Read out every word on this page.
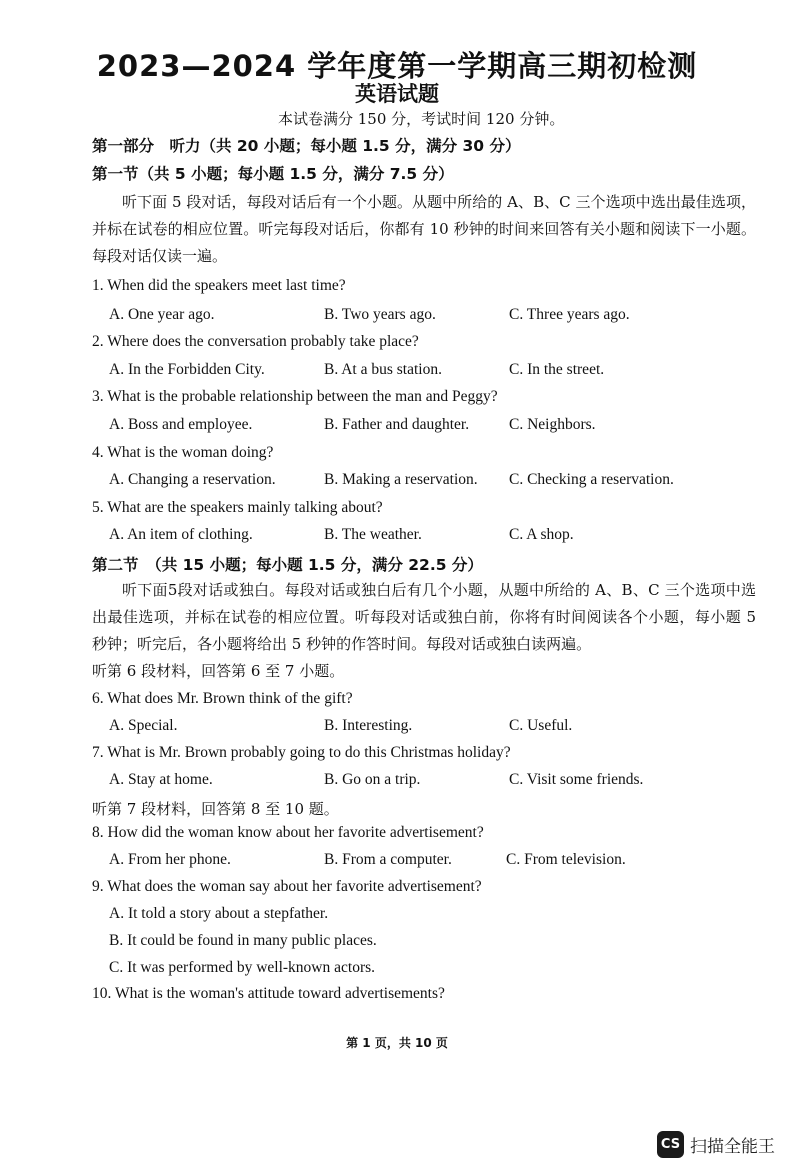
2023—2024 学年度第一学期高三期初检测
英语试题
本试卷满分 150 分，考试时间 120 分钟。
第一部分　听力（共 20 小题；每小题 1.5 分，满分 30 分）
第一节（共 5 小题；每小题 1.5 分，满分 7.5 分）
听下面 5 段对话，每段对话后有一个小题。从题中所给的 A、B、C 三个选项中选出最佳选项，并标在试卷的相应位置。听完每段对话后，你都有 10 秒钟的时间来回答有关小题和阅读下一小题。每段对话仅读一遍。
1. When did the speakers meet last time?
A. One year ago.	B. Two years ago.	C. Three years ago.
2. Where does the conversation probably take place?
A. In the Forbidden City.	B. At a bus station.	C. In the street.
3. What is the probable relationship between the man and Peggy?
A. Boss and employee.	B. Father and daughter.	C. Neighbors.
4. What is the woman doing?
A. Changing a reservation.	B. Making a reservation. C. Checking a reservation.
5. What are the speakers mainly talking about?
A. An item of clothing.	B. The weather.	C. A shop.
第二节　（共 15 小题；每小题 1.5 分，满分 22.5 分）
听下面5段对话或独白。每段对话或独白后有几个小题，从题中所给的 A、B、C 三个选项中选出最佳选项，并标在试卷的相应位置。听每段对话或独白前，你将有时间阅读各个小题，每小题 5 秒钟；听完后，各小题将给出 5 秒钟的作答时间。每段对话或独白读两遍。
听第 6 段材料，回答第 6 至 7 小题。
6. What does Mr. Brown think of the gift?
A. Special.	B. Interesting.	C. Useful.
7. What is Mr. Brown probably going to do this Christmas holiday?
A. Stay at home.	B. Go on a trip.	C. Visit some friends.
听第 7 段材料，回答第 8 至 10 题。
8. How did the woman know about her favorite advertisement?
A. From her phone.	B. From a computer.	C. From television.
9. What does the woman say about her favorite advertisement?
A. It told a story about a stepfather.
B. It could be found in many public places.
C. It was performed by well-known actors.
10. What is the woman's attitude toward advertisements?
第 1 页，共 10 页
CS 扫描全能王
